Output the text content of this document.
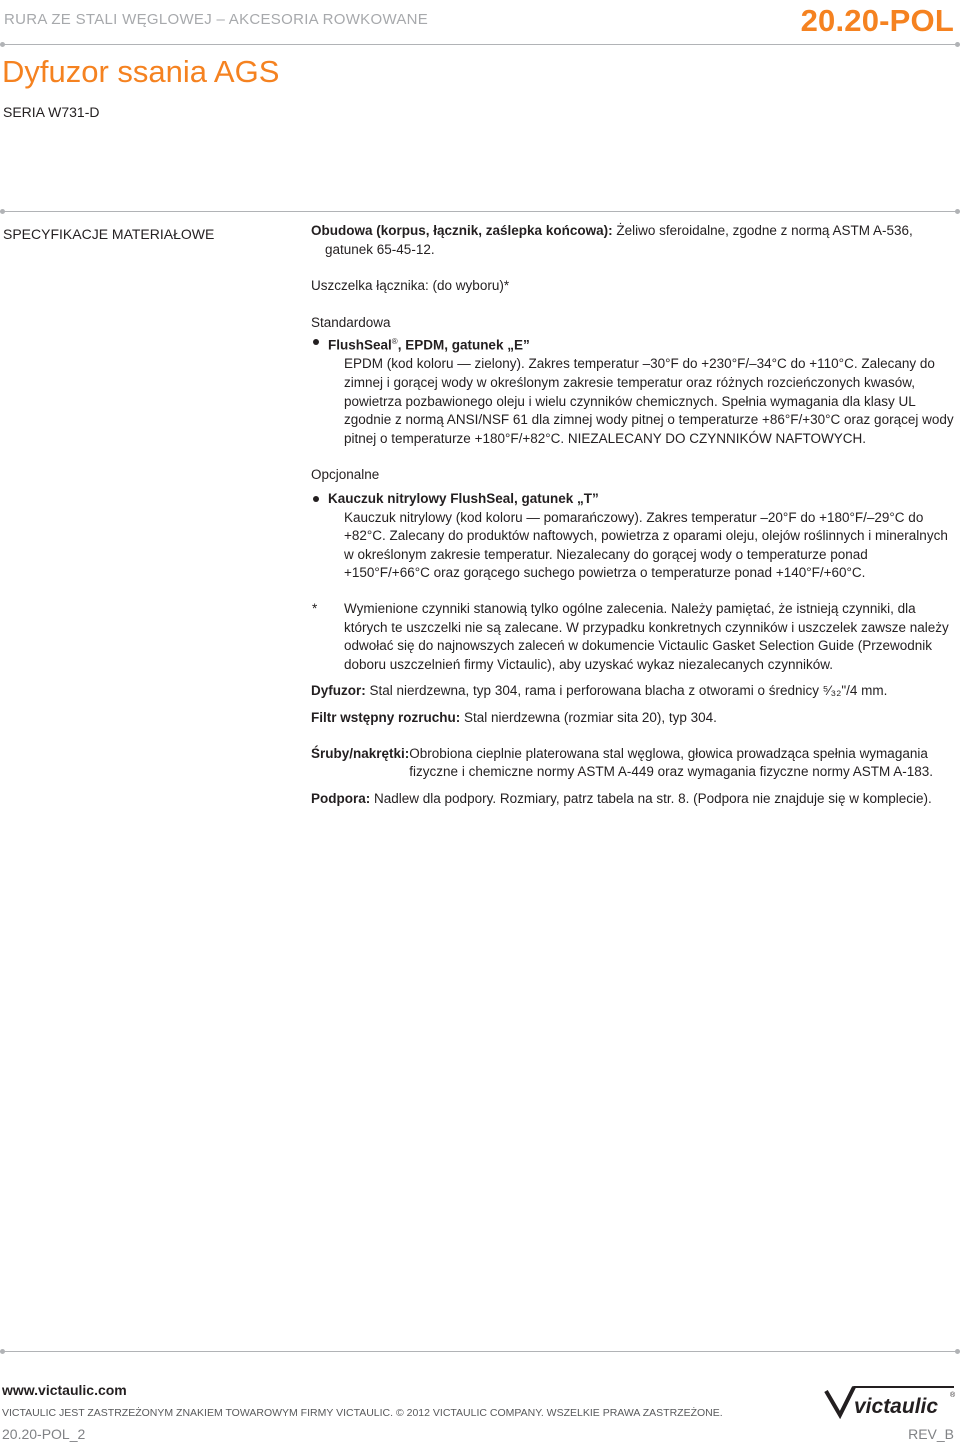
RURA ZE STALI WĘGLOWEJ – AKCESORIA ROWKOWANE	20.20-POL
Dyfuzor ssania AGS
SERIA W731-D
SPECYFIKACJE MATERIAŁOWE	Obudowa (korpus, łącznik, zaślepka końcowa): Żeliwo sferoidalne, zgodne z normą ASTM A-536, gatunek 65-45-12.

Uszczelka łącznika: (do wyboru)*

Standardowa

FlushSeal®, EPDM, gatunek „E”

EPDM (kod koloru — zielony). Zakres temperatur –30°F do +230°F/–34°C do +110°C. Zalecany do zimnej i gorącej wody w określonym zakresie temperatur oraz różnych rozcieńczonych kwasów, powietrza pozbawionego oleju i wielu czynników chemicznych. Spełnia wymagania dla klasy UL zgodnie z normą ANSI/NSF 61 dla zimnej wody pitnej o temperaturze +86°F/+30°C oraz gorącej wody pitnej o temperaturze +180°F/+82°C. NIEZALECANY DO CZYNNIKÓW NAFTOWYCH.

Opcjonalne

Kauczuk nitrylowy FlushSeal, gatunek „T”

Kauczuk nitrylowy (kod koloru — pomarańczowy). Zakres temperatur –20°F do +180°F/–29°C do +82°C. Zalecany do produktów naftowych, powietrza z oparami oleju, olejów roślinnych i mineralnych w określonym zakresie temperatur. Niezalecany do gorącej wody o temperaturze ponad +150°F/+66°C oraz gorącego suchego powietrza o temperaturze ponad +140°F/+60°C.

* Wymienione czynniki stanowią tylko ogólne zalecenia. Należy pamiętać, że istnieją czynniki, dla których te uszczelki nie są zalecane. W przypadku konkretnych czynników i uszczelek zawsze należy odwołać się do najnowszych zaleceń w dokumencie Victaulic Gasket Selection Guide (Przewodnik doboru uszczelnień firmy Victaulic), aby uzyskać wykaz niezalecanych czynników.

Dyfuzor: Stal nierdzewna, typ 304, rama i perforowana blacha z otworami o średnicy ⁵⁄₃₂"/4 mm.

Filtr wstępny rozruchu: Stal nierdzewna (rozmiar sita 20), typ 304.

Śruby/nakrętki: Obrobiona cieplnie platerowana stal węglowa, głowica prowadząca spełnia wymagania fizyczne i chemiczne normy ASTM A-449 oraz wymagania fizyczne normy ASTM A-183.

Podpora: Nadlew dla podpory. Rozmiary, patrz tabela na str. 8. (Podpora nie znajduje się w komplecie).

www.victaulic.com
VICTAULIC JEST ZASTRZEŻONYM ZNAKIEM TOWAROWYM FIRMY VICTAULIC. © 2012 VICTAULIC COMPANY. WSZELKIE PRAWA ZASTRZEŻONE.
20.20-POL_2	REV_B
victaulic ®
